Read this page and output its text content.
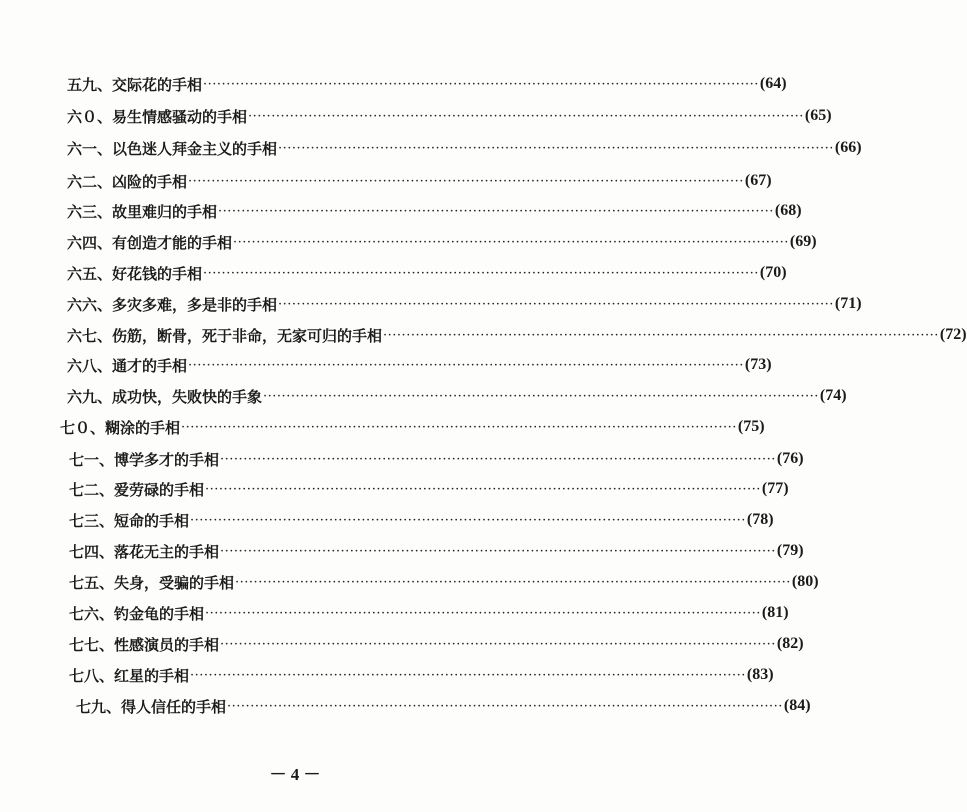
五九、 交际花的手相 ························································································································ (64)
六０、 易生情感骚动的手相 ························································································································ (65)
六一、 以色迷人拜金主义的手相 ························································································································ (66)
六二、 凶险的手相 ························································································································ (67)
六三、 故里难归的手相 ························································································································ (68)
六四、 有创造才能的手相 ························································································································ (69)
六五、 好花钱的手相 ························································································································ (70)
六六、 多灾多难，多是非的手相 ························································································································ (71)
六七、 伤筋，断骨，死于非命，无家可归的手相 ························································································································ (72)
六八、 通才的手相 ························································································································ (73)
六九、 成功快，失败快的手象 ························································································································ (74)
七０、 糊涂的手相 ························································································································ (75)
七一、 博学多才的手相 ························································································································ (76)
七二、 爱劳碌的手相 ························································································································ (77)
七三、 短命的手相 ························································································································ (78)
七四、 落花无主的手相 ························································································································ (79)
七五、 失身，受骗的手相 ························································································································ (80)
七六、 钓金龟的手相 ························································································································ (81)
七七、 性感演员的手相 ························································································································ (82)
七八、 红星的手相 ························································································································ (83)
七九、 得人信任的手相 ························································································································ (84)
－ 4 －
